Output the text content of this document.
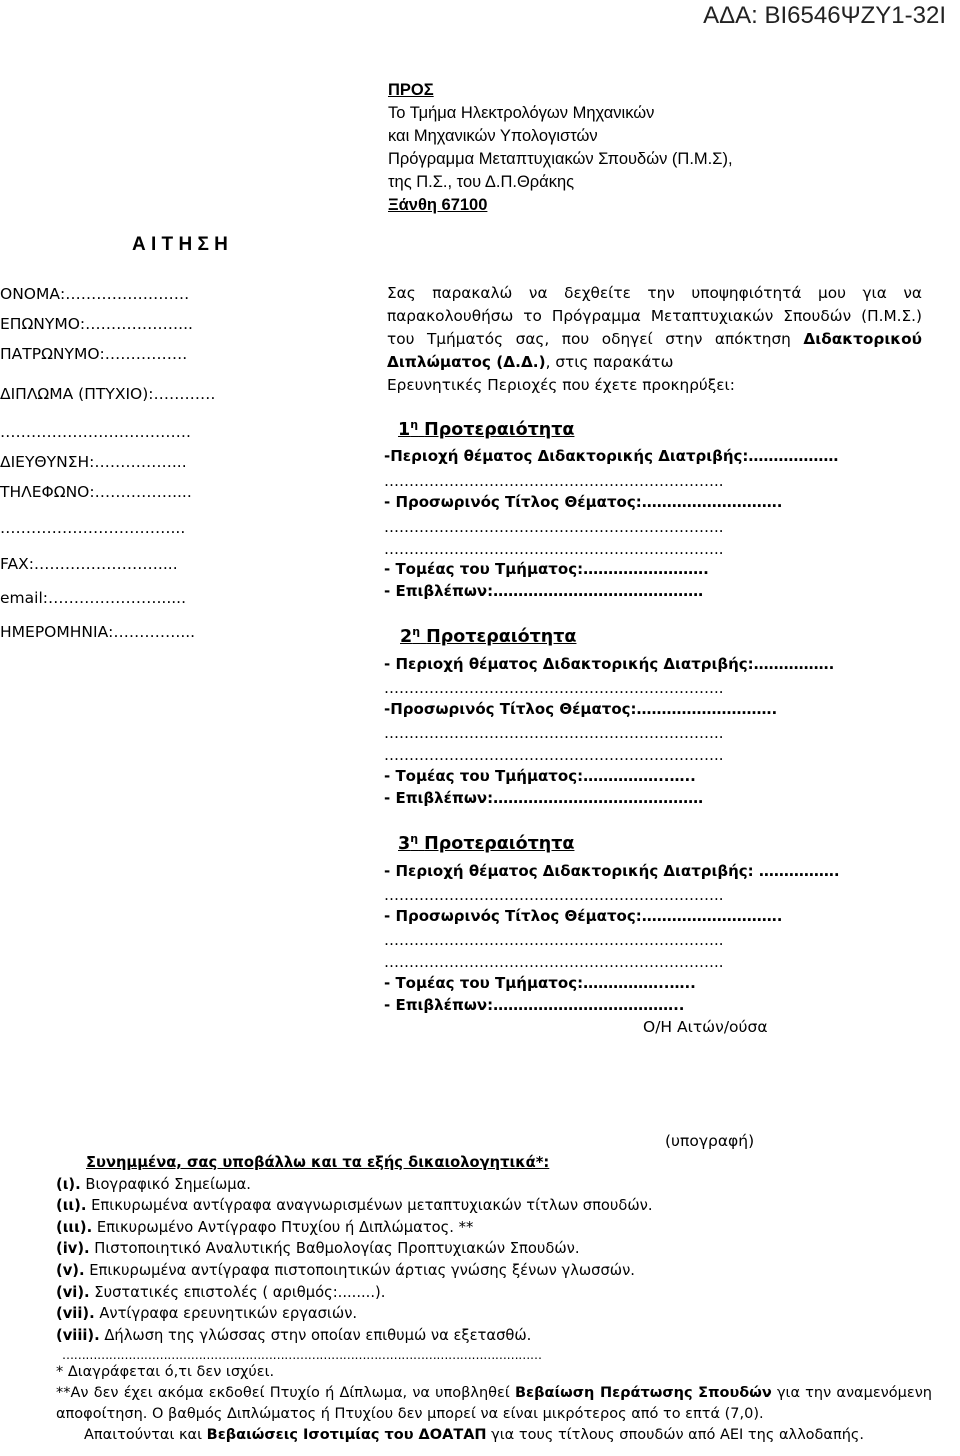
ΑΔΑ: ΒΙ6546ΨΖΥ1-32Ι
ΠΡΟΣ
Το Τμήμα Ηλεκτρολόγων Μηχανικών
και Μηχανικών Υπολογιστών
Πρόγραμμα Μεταπτυχιακών Σπουδών (Π.Μ.Σ),
της Π.Σ., του Δ.Π.Θράκης
Ξάνθη 67100
Α Ι Τ Η Σ Η
ΟΝΟΜΑ:……………………
ΕΠΩΝΥΜΟ:………………...
ΠΑΤΡΩΝΥΜΟ:…………….
ΔΙΠΛΩΜΑ (ΠΤΥΧΙΟ):…………
……………………………….
ΔΙΕΥΘΥΝΣΗ:……………...
ΤΗΛΕΦΩΝΟ:……………....
……………………………...
FAX:……………………....
email:…………………......
ΗΜΕΡΟΜΗΝΙΑ:…………....
Σας παρακαλώ να δεχθείτε την υποψηφιότητά μου για να παρακολουθήσω το Πρόγραμμα Μεταπτυχιακών Σπουδών (Π.Μ.Σ.) του Τμήματός σας, που οδηγεί στην απόκτηση Διδακτορικού Διπλώματος (Δ.Δ.), στις παρακάτω
Ερευνητικές Περιοχές που έχετε προκηρύξει:
$1^\eta$ Προτεραιότητα
-Περιοχή θέματος Διδακτορικής Διατριβής:………………
…………………………………………………………..
- Προσωρινός Τίτλος Θέματος:……………………….
…………………………………………………………..
…………………………………………………………..
- Τομέας του Τμήματος:…………………….
- Επιβλέπων:……………………………………
$2^\eta$ Προτεραιότητα
- Περιοχή θέματος Διδακτορικής Διατριβής:…………….
…………………………………………………………..
-Προσωρινός Τίτλος Θέματος:……………………….
…………………………………………………………..
…………………………………………………………..
- Τομέας του Τμήματος:……………..…..
- Επιβλέπων:……………………………………
$3^\eta$ Προτεραιότητα
- Περιοχή θέματος Διδακτορικής Διατριβής: …………….
…………………………………………………………..
- Προσωρινός Τίτλος Θέματος:……………………….
…………………………………………………………..
…………………………………………………………..
- Τομέας του Τμήματος:……………..…..
- Επιβλέπων:………………………………..
Ο/Η Αιτών/ούσα
(υπογραφή)
Συνημμένα, σας υποβάλλω και τα εξής δικαιολογητικά*:
(ι). Βιογραφικό Σημείωμα.
(ιι). Επικυρωμένα αντίγραφα αναγνωρισμένων μεταπτυχιακών τίτλων σπουδών.
(ιιι). Επικυρωμένο Αντίγραφο Πτυχίου ή Διπλώματος. **
(iv). Πιστοποιητικό Αναλυτικής Βαθμολογίας Προπτυχιακών Σπουδών.
(v). Επικυρωμένα αντίγραφα πιστοποιητικών άρτιας γνώσης ξένων γλωσσών.
(vi). Συστατικές επιστολές ( αριθμός:........).
(vii). Αντίγραφα ερευνητικών εργασιών.
(viii). Δήλωση της γλώσσας στην οποίαν επιθυμώ να εξετασθώ.
……………………………………………………………………………………………………………
* Διαγράφεται ό,τι δεν ισχύει.
**Αν δεν έχει ακόμα εκδοθεί Πτυχίο ή Δίπλωμα, να υποβληθεί Βεβαίωση Περάτωσης Σπουδών για την αναμενόμενη αποφοίτηση. Ο βαθμός Διπλώματος ή Πτυχίου δεν μπορεί να είναι μικρότερος από το επτά (7,0).
Απαιτούνται και Βεβαιώσεις Ισοτιμίας του ΔΟΑΤΑΠ για τους τίτλους σπουδών από ΑΕΙ της αλλοδαπής.
